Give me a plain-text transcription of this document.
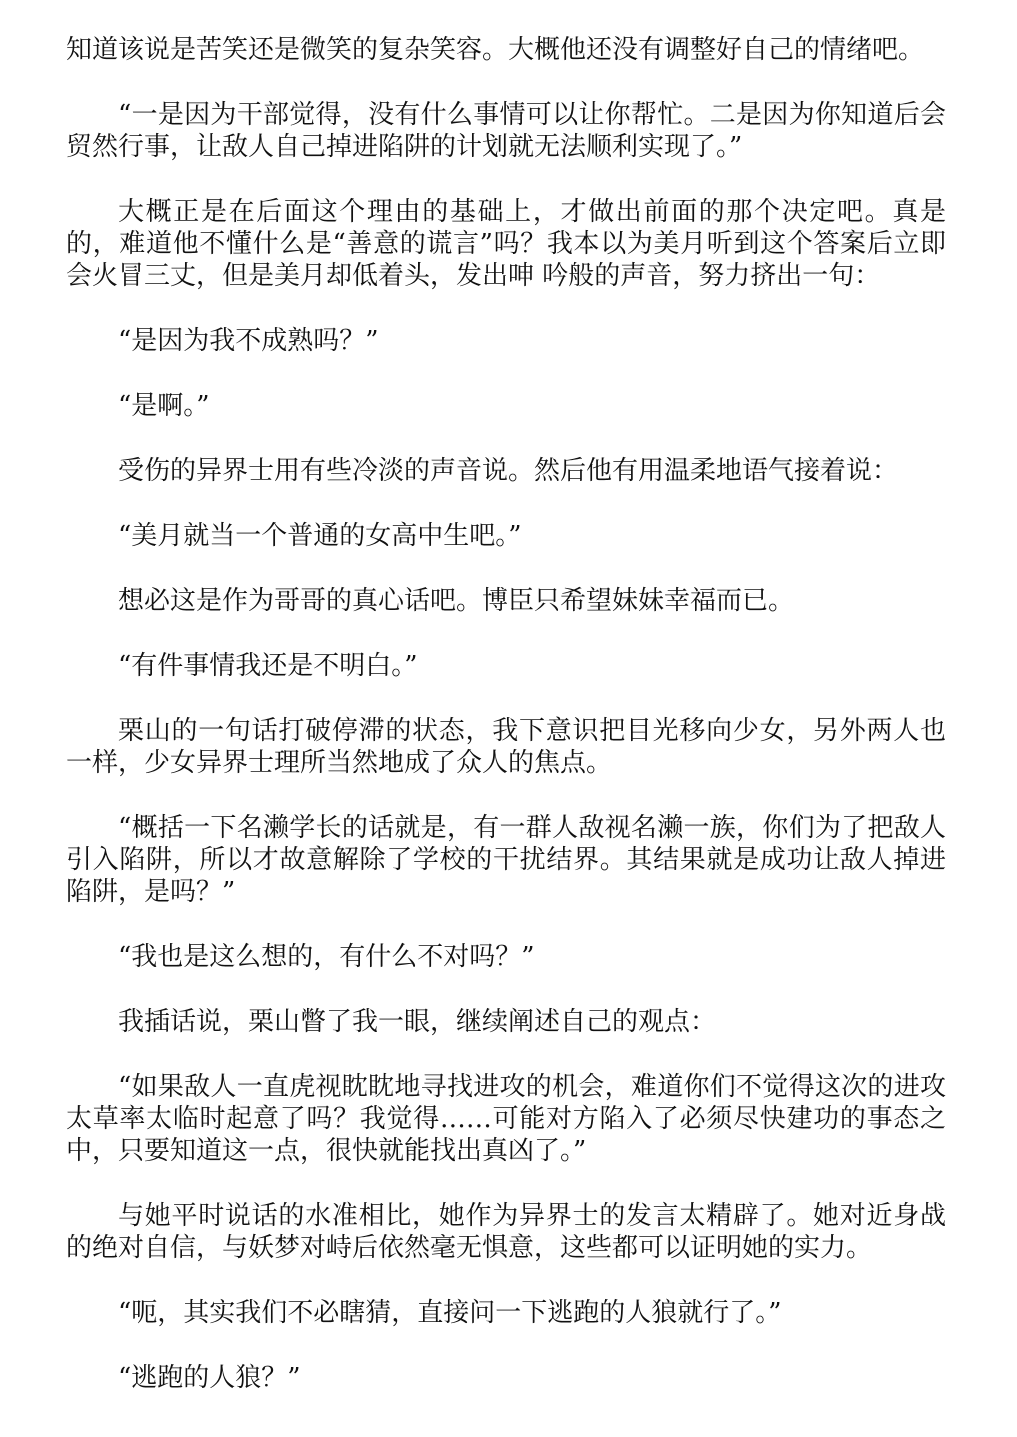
知道该说是苦笑还是微笑的复杂笑容。大概他还没有调整好自己的情绪吧。

“一是因为干部觉得，没有什么事情可以让你帮忙。二是因为你知道后会贸然行事，让敌人自己掉进陷阱的计划就无法顺利实现了。”

大概正是在后面这个理由的基础上，才做出前面的那个决定吧。真是的，难道他不懂什么是“善意的谎言”吗？我本以为美月听到这个答案后立即会火冒三丈，但是美月却低着头，发出呻 吟般的声音，努力挤出一句：

“是因为我不成熟吗？”

“是啊。”

受伤的异界士用有些冷淡的声音说。然后他有用温柔地语气接着说：

“美月就当一个普通的女高中生吧。”

想必这是作为哥哥的真心话吧。博臣只希望妹妹幸福而已。

“有件事情我还是不明白。”

栗山的一句话打破停滞的状态，我下意识把目光移向少女，另外两人也一样，少女异界士理所当然地成了众人的焦点。

“概括一下名濑学长的话就是，有一群人敌视名濑一族，你们为了把敌人引入陷阱，所以才故意解除了学校的干扰结界。其结果就是成功让敌人掉进陷阱，是吗？”

“我也是这么想的，有什么不对吗？”

我插话说，栗山瞥了我一眼，继续阐述自己的观点：

“如果敌人一直虎视眈眈地寻找进攻的机会，难道你们不觉得这次的进攻太草率太临时起意了吗？我觉得……可能对方陷入了必须尽快建功的事态之中，只要知道这一点，很快就能找出真凶了。”

与她平时说话的水准相比，她作为异界士的发言太精辟了。她对近身战的绝对自信，与妖梦对峙后依然毫无惧意，这些都可以证明她的实力。

“呃，其实我们不必瞎猜，直接问一下逃跑的人狼就行了。”

“逃跑的人狼？”
